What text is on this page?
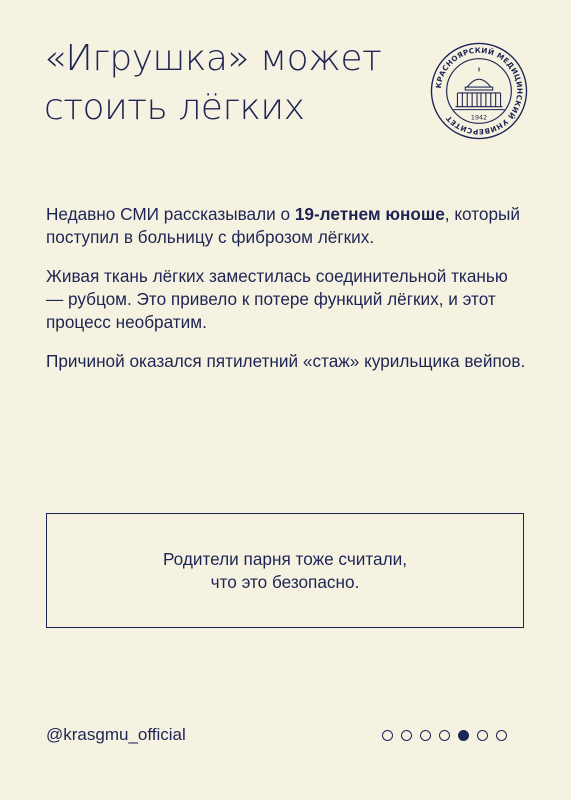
«Игрушка» может
стоить лёгких
КРАСНОЯРСКИЙ МЕДИЦИНСКИЙ УНИВЕРСИТЕТ	1942

Недавно СМИ рассказывали о 19-летнем юноше, который поступил в больницу с фиброзом лёгких.

Живая ткань лёгких заместилась соединительной тканью — рубцом. Это привело к потере функций лёгких, и этот процесс необратим.

Причиной оказался пятилетний «стаж» курильщика вейпов.

Родители парня тоже считали,
что это безопасно.
@krasgmu_official
